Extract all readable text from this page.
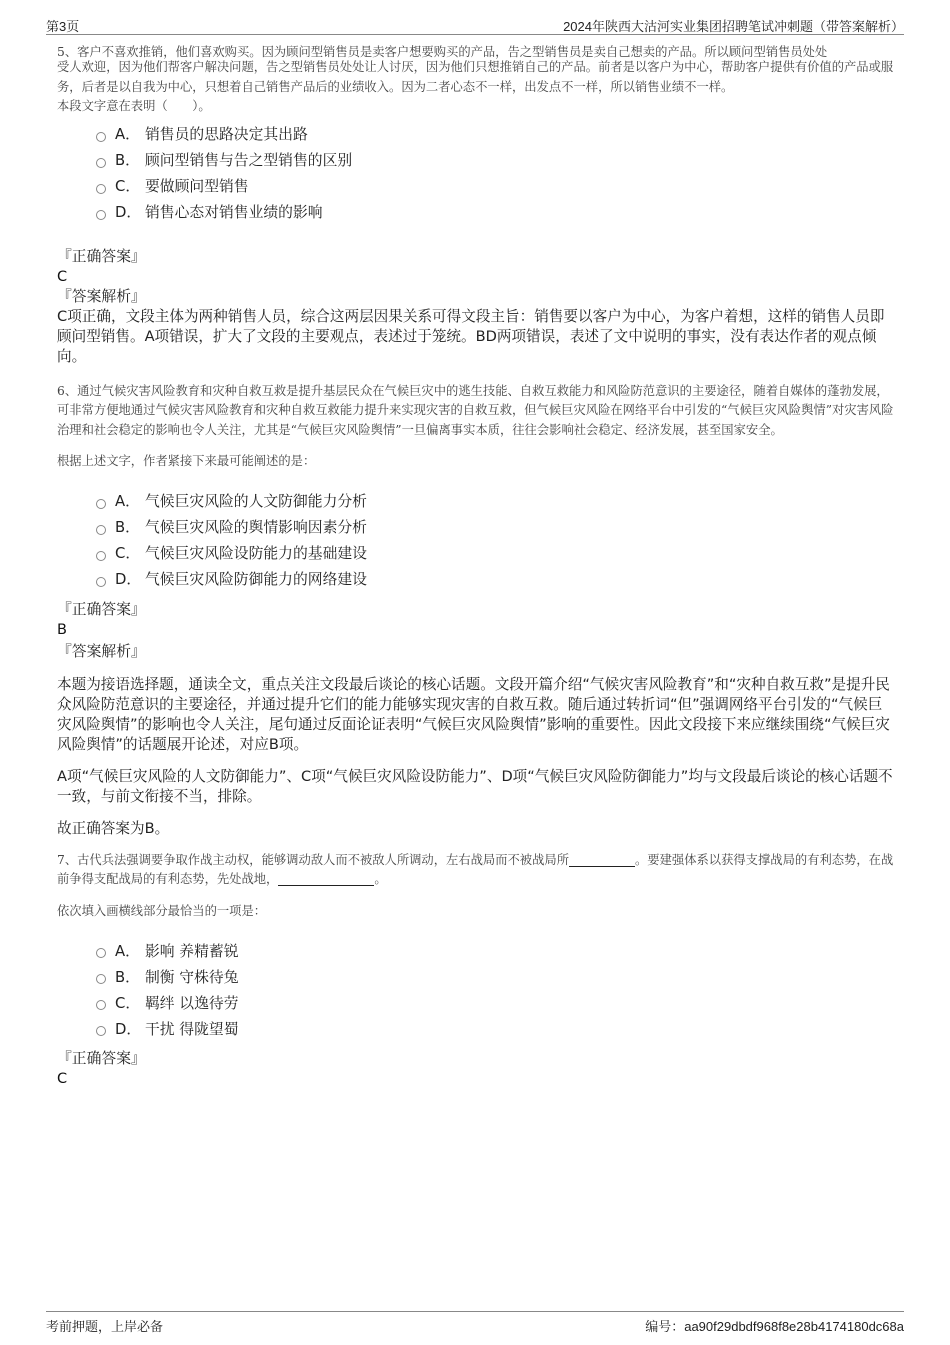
第3页	2024年陕西大沽河实业集团招聘笔试冲刺题（带答案解析）

5、客户不喜欢推销，他们喜欢购买。因为顾问型销售员是卖客户想要购买的产品，告之型销售员是卖自己想卖的产品。所以顾问型销售员处处

受人欢迎，因为他们帮客户解决问题，告之型销售员处处让人讨厌，因为他们只想推销自己的产品。前者是以客户为中心，帮助客户提供有价值的产品或服务，后者是以自我为中心，只想着自己销售产品后的业绩收入。因为二者心态不一样，出发点不一样，所以销售业绩不一样。

本段文字意在表明（　　）。

A． 销售员的思路决定其出路
B． 顾问型销售与告之型销售的区别
C． 要做顾问型销售
D． 销售心态对销售业绩的影响

『正确答案』

C

『答案解析』

C项正确，文段主体为两种销售人员，综合这两层因果关系可得文段主旨：销售要以客户为中心，为客户着想，这样的销售人员即顾问型销售。A项错误，扩大了文段的主要观点，表述过于笼统。BD两项错误，表述了文中说明的事实，没有表达作者的观点倾向。

6、通过气候灾害风险教育和灾种自救互救是提升基层民众在气候巨灾中的逃生技能、自救互救能力和风险防范意识的主要途径，随着自媒体的蓬勃发展，可非常方便地通过气候灾害风险教育和灾种自救互救能力提升来实现灾害的自救互救，但气候巨灾风险在网络平台中引发的“气候巨灾风险舆情”对灾害风险治理和社会稳定的影响也令人关注，尤其是“气候巨灾风险舆情”一旦偏离事实本质，往往会影响社会稳定、经济发展，甚至国家安全。

根据上述文字，作者紧接下来最可能阐述的是：

A． 气候巨灾风险的人文防御能力分析
B． 气候巨灾风险的舆情影响因素分析
C． 气候巨灾风险设防能力的基础建设
D． 气候巨灾风险防御能力的网络建设

『正确答案』

B

『答案解析』

本题为接语选择题，通读全文，重点关注文段最后谈论的核心话题。文段开篇介绍“气候灾害风险教育”和“灾种自救互救”是提升民众风险防范意识的主要途径，并通过提升它们的能力能够实现灾害的自救互救。随后通过转折词“但”强调网络平台引发的“气候巨灾风险舆情”的影响也令人关注，尾句通过反面论证表明“气候巨灾风险舆情”影响的重要性。因此文段接下来应继续围绕“气候巨灾风险舆情”的话题展开论述，对应B项。

A项“气候巨灾风险的人文防御能力”、C项“气候巨灾风险设防能力”、D项“气候巨灾风险防御能力”均与文段最后谈论的核心话题不一致，与前文衔接不当，排除。

故正确答案为B。

7、古代兵法强调要争取作战主动权，能够调动敌人而不被敌人所调动，左右战局而不被战局所	。要建强体系以获得支撑战局的有利态势，在战前争得支配战局的有利态势，先处战地，	。

依次填入画横线部分最恰当的一项是：

A． 影响 养精蓄锐
B． 制衡 守株待兔
C． 羁绊 以逸待劳
D． 干扰 得陇望蜀

『正确答案』

C

考前押题，上岸必备	编号：aa90f29dbdf968f8e28b4174180dc68a
